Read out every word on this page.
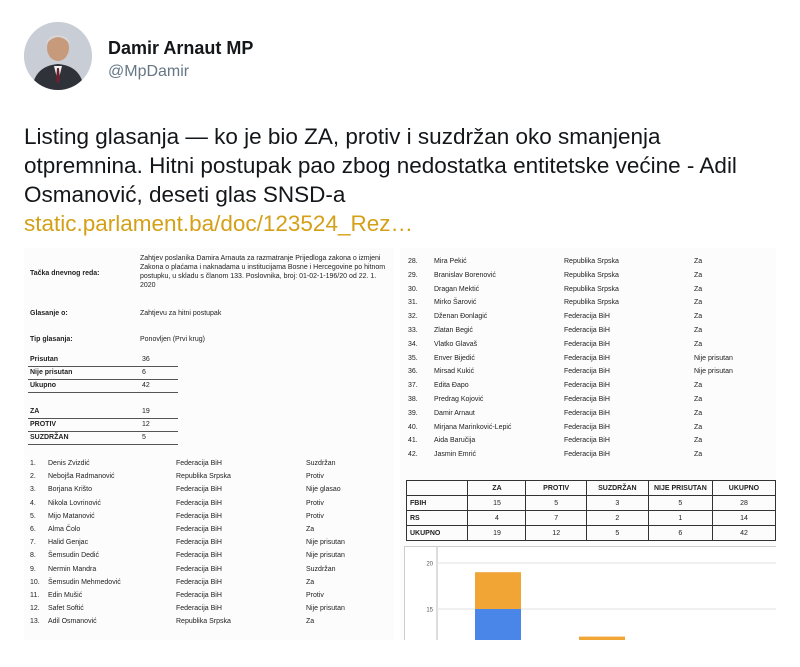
Damir Arnaut MP
@MpDamir
Listing glasanja — ko je bio ZA, protiv i suzdržan oko smanjenja otpremnina. Hitni postupak pao zbog nedostatka entitetske većine - Adil Osmanović, deseti glas SNSD-a
static.parlament.ba/doc/123524_Rez…
Tačka dnevnog reda:
Zahtjev poslanika Damira Arnauta za razmatranje Prijedloga zakona o izmjeni Zakona o plaćama i naknadama u institucijama Bosne i Hercegovine po hitnom postupku, u skladu s članom 133. Poslovnika, broj: 01-02-1-196/20 od 22. 1. 2020
Glasanje o:	Zahtjevu za hitni postupak
Tip glasanja:	Ponovljen (Prvi krug)
Prisutan	36
Nije prisutan	6
Ukupno	42
ZA	19
PROTIV	12
SUZDRŽAN	5
1. Denis Zvizdić	Federacija BiH	Suzdržan
2. Nebojša Radmanović	Republika Srpska	Protiv
3. Borjana Krišto	Federacija BiH	Nije glasao
4. Nikola Lovrinović	Federacija BiH	Protiv
5. Mijo Matanović	Federacija BiH	Protiv
6. Alma Čolo	Federacija BiH	Za
7. Halid Genjac	Federacija BiH	Nije prisutan
8. Šemsudin Dedić	Federacija BiH	Nije prisutan
9. Nermin Mandra	Federacija BiH	Suzdržan
10. Šemsudin Mehmedović	Federacija BiH	Za
11. Edin Mušić	Federacija BiH	Protiv
12. Safet Softić	Federacija BiH	Nije prisutan
13. Adil Osmanović	Republika Srpska	Za
28. Mira Pekić	Republika Srpska	Za
29. Branislav Borenović	Republika Srpska	Za
30. Dragan Mektić	Republika Srpska	Za
31. Mirko Šarović	Republika Srpska	Za
32. Dženan Đonlagić	Federacija BiH	Za
33. Zlatan Begić	Federacija BiH	Za
34. Vlatko Glavaš	Federacija BiH	Za
35. Enver Bijedić	Federacija BiH	Nije prisutan
36. Mirsad Kukić	Federacija BiH	Nije prisutan
37. Edita Đapo	Federacija BiH	Za
38. Predrag Kojović	Federacija BiH	Za
39. Damir Arnaut	Federacija BiH	Za
40. Mirjana Marinković-Lepić	Federacija BiH	Za
41. Aida Baručija	Federacija BiH	Za
42. Jasmin Emrić	Federacija BiH	Za
	ZA	PROTIV	SUZDRŽAN	NIJE PRISUTAN	UKUPNO
FBIH	15	5	3	5	28
RS	4	7	2	1	14
UKUPNO	19	12	5	6	42
20
15
